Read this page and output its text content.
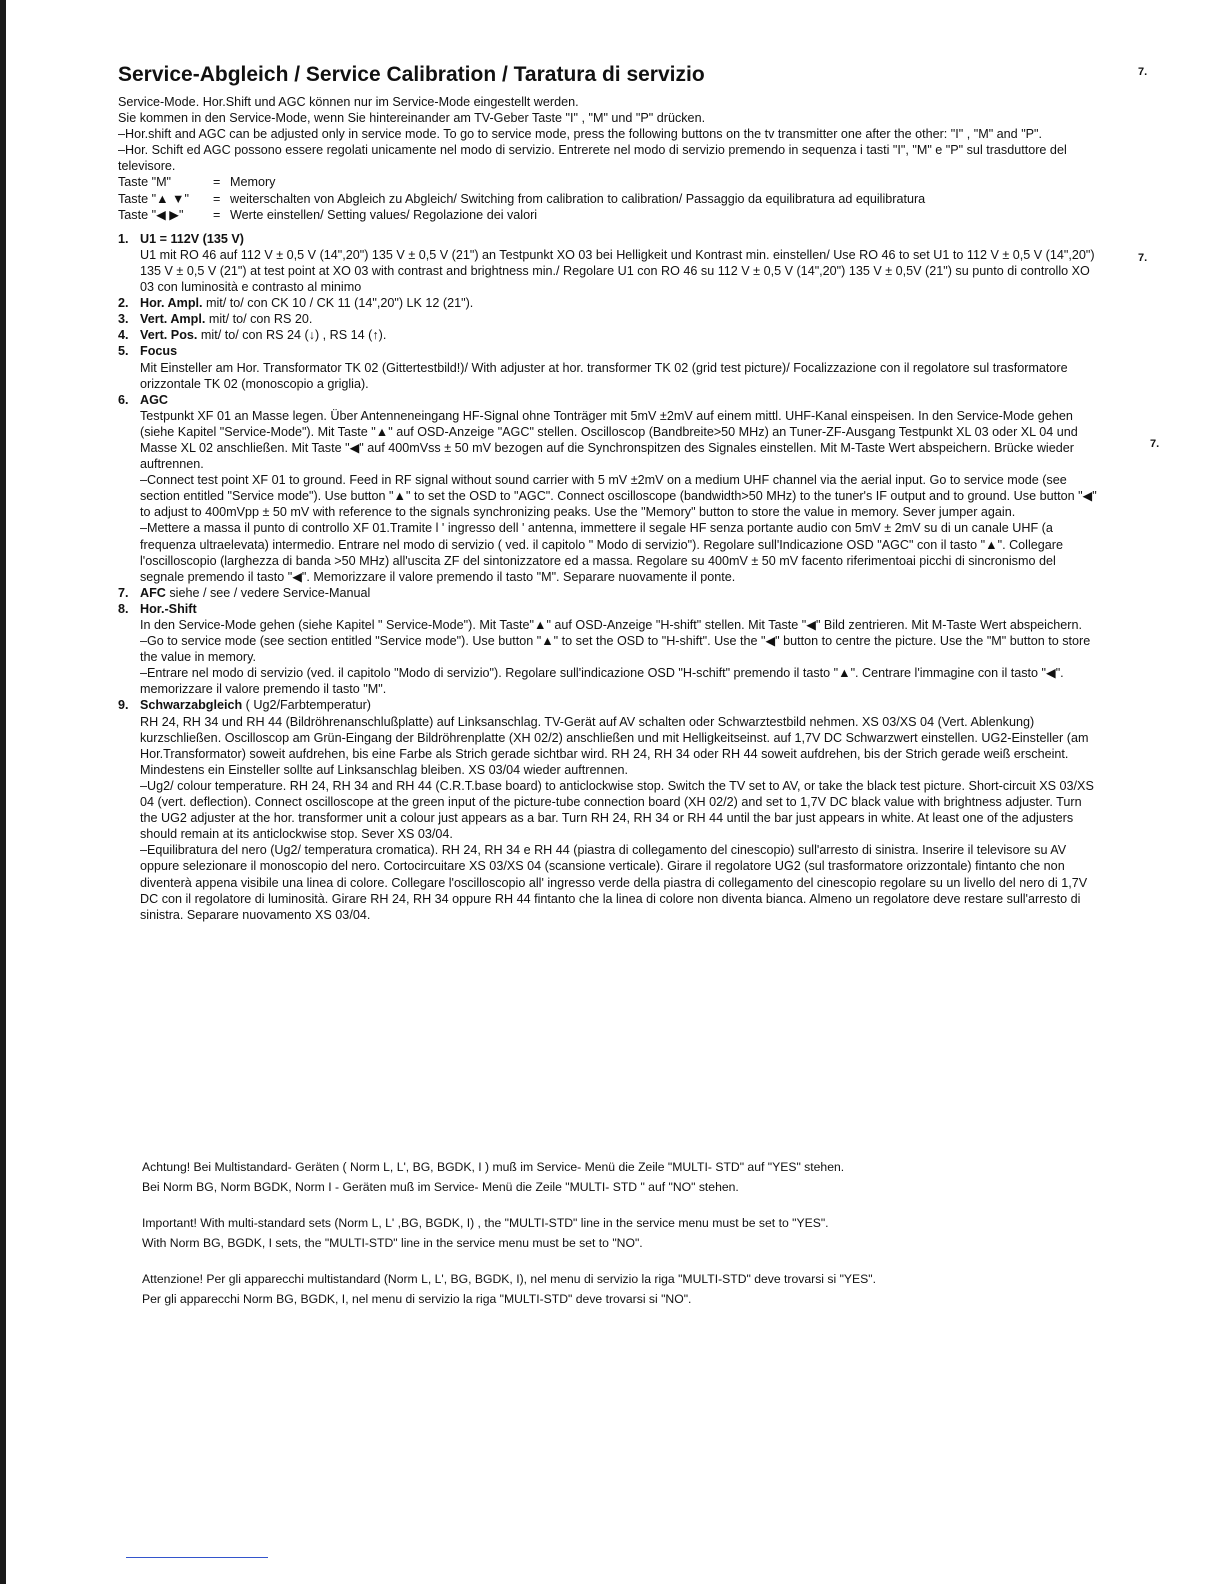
7.
7.
7.
Service-Abgleich / Service Calibration / Taratura di servizio

Service-Mode. Hor.Shift und AGC können nur im Service-Mode eingestellt werden.

Sie kommen in den Service-Mode, wenn Sie hintereinander am TV-Geber Taste "I" , "M" und "P" drücken.

–Hor.shift and AGC can be adjusted only in service mode. To go to service mode, press the following buttons on the tv transmitter one after the other: "I" , "M" and "P".

–Hor. Schift ed AGC possono essere regolati unicamente nel modo di servizio. Entrerete nel modo di servizio premendo in sequenza i tasti "I", "M" e "P" sul trasduttore del televisore.

Taste "M"	= Memory
Taste "▲ ▼"	= weiterschalten von Abgleich zu Abgleich/ Switching from calibration to calibration/ Passaggio da equilibratura ad equilibratura
Taste "◀ ▶"	= Werte einstellen/ Setting values/ Regolazione dei valori
1. U1 = 112V (135 V)

U1 mit RO 46 auf 112 V ± 0,5 V (14",20") 135 V ± 0,5 V (21") an Testpunkt XO 03 bei Helligkeit und Kontrast min. einstellen/ Use RO 46 to set U1 to 112 V ± 0,5 V (14",20") 135 V ± 0,5 V (21") at test point at XO 03 with contrast and brightness min./ Regolare U1 con RO 46 su 112 V ± 0,5 V (14",20") 135 V ± 0,5V (21") su punto di controllo XO 03 con luminosità e contrasto al minimo

2. Hor. Ampl. mit/ to/ con CK 10 / CK 11 (14",20") LK 12 (21").
3. Vert. Ampl. mit/ to/ con RS 20.
4. Vert. Pos. mit/ to/ con RS 24 (↓) , RS 14 (↑).
5. Focus

Mit Einsteller am Hor. Transformator TK 02 (Gittertestbild!)/ With adjuster at hor. transformer TK 02 (grid test picture)/ Focalizzazione con il regolatore sul trasformatore orizzontale TK 02 (monoscopio a griglia).

6. AGC

Testpunkt XF 01 an Masse legen. Über Antenneneingang HF-Signal ohne Tonträger mit 5mV ±2mV auf einem mittl. UHF-Kanal einspeisen. In den Service-Mode gehen (siehe Kapitel "Service-Mode"). Mit Taste "▲" auf OSD-Anzeige "AGC" stellen. Oscilloscop (Bandbreite>50 MHz) an Tuner-ZF-Ausgang Testpunkt XL 03 oder XL 04 und Masse XL 02 anschließen. Mit Taste "◀" auf 400mVss ± 50 mV bezogen auf die Synchronspitzen des Signales einstellen. Mit M-Taste Wert abspeichern. Brücke wieder auftrennen.

–Connect test point XF 01 to ground. Feed in RF signal without sound carrier with 5 mV ±2mV on a medium UHF channel via the aerial input. Go to service mode (see section entitled "Service mode"). Use button "▲" to set the OSD to "AGC". Connect oscilloscope (bandwidth>50 MHz) to the tuner's IF output and to ground. Use button "◀" to adjust to 400mVpp ± 50 mV with reference to the signals synchronizing peaks. Use the "Memory" button to store the value in memory. Sever jumper again.

–Mettere a massa il punto di controllo XF 01.Tramite l ' ingresso dell ' antenna, immettere il segale HF senza portante audio con 5mV ± 2mV su di un canale UHF (a frequenza ultraelevata) intermedio. Entrare nel modo di servizio ( ved. il capitolo " Modo di servizio"). Regolare sull'Indicazione OSD "AGC" con il tasto "▲". Collegare l'oscilloscopio (larghezza di banda >50 MHz) all'uscita ZF del sintonizzatore ed a massa. Regolare su 400mV ± 50 mV facento riferimentoai picchi di sincronismo del segnale premendo il tasto "◀". Memorizzare il valore premendo il tasto "M". Separare nuovamente il ponte.

7. AFC siehe / see / vedere Service-Manual
8. Hor.-Shift

In den Service-Mode gehen (siehe Kapitel " Service-Mode"). Mit Taste"▲" auf OSD-Anzeige "H-shift" stellen. Mit Taste "◀" Bild zentrieren. Mit M-Taste Wert abspeichern.

–Go to service mode (see section entitled "Service mode"). Use button "▲" to set the OSD to "H-shift". Use the "◀" button to centre the picture. Use the "M" button to store the value in memory.

–Entrare nel modo di servizio (ved. il capitolo "Modo di servizio"). Regolare sull'indicazione OSD "H-schift" premendo il tasto "▲". Centrare l'immagine con il tasto "◀". memorizzare il valore premendo il tasto "M".

9. Schwarzabgleich ( Ug2/Farbtemperatur)

RH 24, RH 34 und RH 44 (Bildröhrenanschlußplatte) auf Linksanschlag. TV-Gerät auf AV schalten oder Schwarztestbild nehmen. XS 03/XS 04 (Vert. Ablenkung) kurzschließen. Oscilloscop am Grün-Eingang der Bildröhrenplatte (XH 02/2) anschließen und mit Helligkeitseinst. auf 1,7V DC Schwarzwert einstellen. UG2-Einsteller (am Hor.Transformator) soweit aufdrehen, bis eine Farbe als Strich gerade sichtbar wird. RH 24, RH 34 oder RH 44 soweit aufdrehen, bis der Strich gerade weiß erscheint. Mindestens ein Einsteller sollte auf Linksanschlag bleiben. XS 03/04 wieder auftrennen.

–Ug2/ colour temperature. RH 24, RH 34 and RH 44 (C.R.T.base board) to anticlockwise stop. Switch the TV set to AV, or take the black test picture. Short-circuit XS 03/XS 04 (vert. deflection). Connect oscilloscope at the green input of the picture-tube connection board (XH 02/2) and set to 1,7V DC black value with brightness adjuster. Turn the UG2 adjuster at the hor. transformer unit a colour just appears as a bar. Turn RH 24, RH 34 or RH 44 until the bar just appears in white. At least one of the adjusters should remain at its anticlockwise stop. Sever XS 03/04.

–Equilibratura del nero (Ug2/ temperatura cromatica). RH 24, RH 34 e RH 44 (piastra di collegamento del cinescopio) sull'arresto di sinistra. Inserire il televisore su AV oppure selezionare il monoscopio del nero. Cortocircuitare XS 03/XS 04 (scansione verticale). Girare il regolatore UG2 (sul trasformatore orizzontale) fintanto che non diventerà appena visibile una linea di colore. Collegare l'oscilloscopio all' ingresso verde della piastra di collegamento del cinescopio regolare su un livello del nero di 1,7V DC con il regolatore di luminosità. Girare RH 24, RH 34 oppure RH 44 fintanto che la linea di colore non diventa bianca. Almeno un regolatore deve restare sull'arresto di sinistra. Separare nuovamento XS 03/04.

Achtung! Bei Multistandard- Geräten ( Norm L, L', BG, BGDK, I ) muß im Service- Menü die Zeile "MULTI- STD" auf "YES" stehen.

Bei Norm BG, Norm BGDK, Norm I - Geräten muß im Service- Menü die Zeile "MULTI- STD " auf "NO" stehen.

Important! With multi-standard sets (Norm L, L' ,BG, BGDK, I) , the "MULTI-STD" line in the service menu must be set to "YES".

With Norm BG, BGDK, I sets, the "MULTI-STD" line in the service menu must be set to "NO".

Attenzione! Per gli apparecchi multistandard (Norm L, L', BG, BGDK, I), nel menu di servizio la riga "MULTI-STD" deve trovarsi si "YES".

Per gli apparecchi Norm BG, BGDK, I, nel menu di servizio la riga "MULTI-STD" deve trovarsi si "NO".
